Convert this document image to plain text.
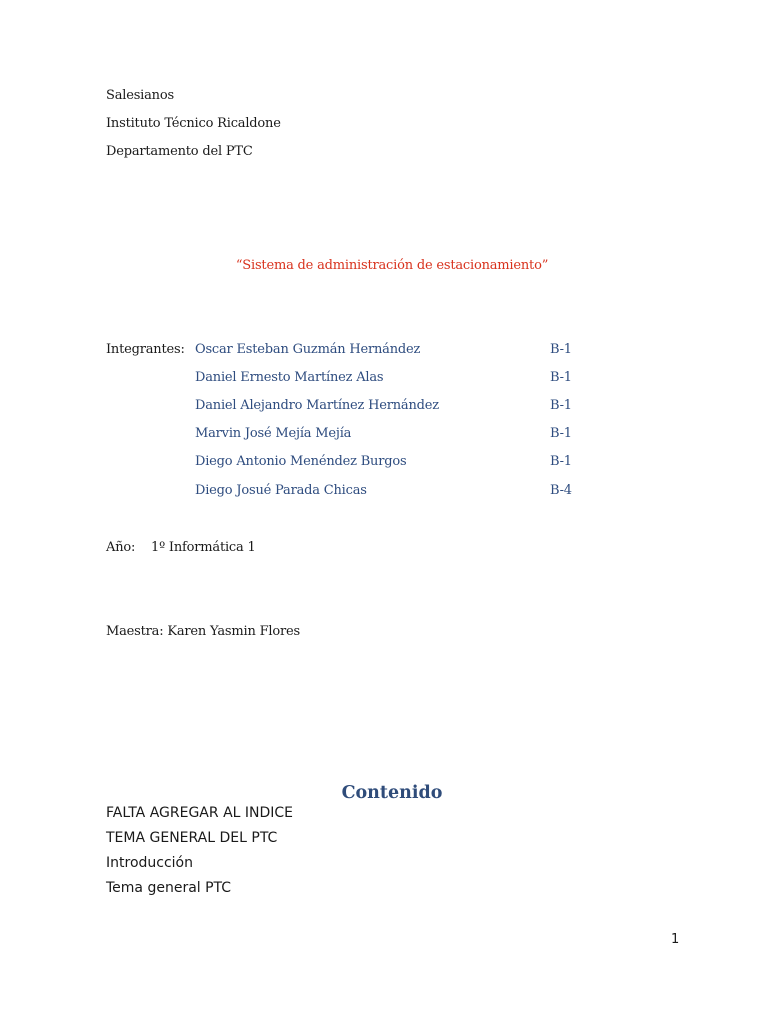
Salesianos
Instituto Técnico Ricaldone
Departamento del PTC
“Sistema de administración de estacionamiento”
Integrantes: Oscar Esteban Guzmán Hernández	B-1
Daniel Ernesto Martínez Alas	B-1
Daniel Alejandro Martínez Hernández	B-1
Marvin José Mejía Mejía	B-1
Diego Antonio Menéndez Burgos	B-1
Diego Josué Parada Chicas	B-4
Año: 1º Informática 1
Maestra: Karen Yasmin Flores
Contenido
FALTA AGREGAR AL INDICE
TEMA GENERAL DEL PTC
Introducción
Tema general PTC
1
